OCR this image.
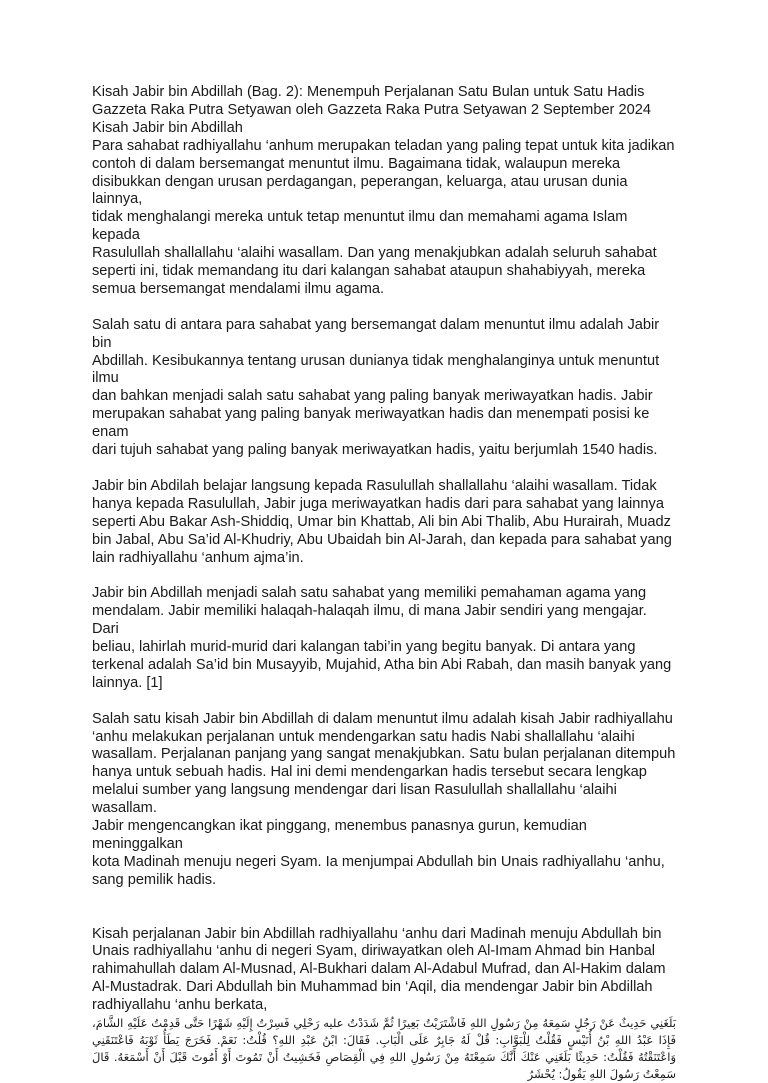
Kisah Jabir bin Abdillah (Bag. 2): Menempuh Perjalanan Satu Bulan untuk Satu Hadis

Gazzeta Raka Putra Setyawan oleh Gazzeta Raka Putra Setyawan 2 September 2024

Kisah Jabir bin Abdillah

Para sahabat radhiyallahu ‘anhum merupakan teladan yang paling tepat untuk kita jadikan
contoh di dalam bersemangat menuntut ilmu. Bagaimana tidak, walaupun mereka
disibukkan dengan urusan perdagangan, peperangan, keluarga, atau urusan dunia lainnya,
tidak menghalangi mereka untuk tetap menuntut ilmu dan memahami agama Islam kepada
Rasulullah shallallahu ‘alaihi wasallam. Dan yang menakjubkan adalah seluruh sahabat
seperti ini, tidak memandang itu dari kalangan sahabat ataupun shahabiyyah, mereka
semua bersemangat mendalami ilmu agama.

Salah satu di antara para sahabat yang bersemangat dalam menuntut ilmu adalah Jabir bin
Abdillah. Kesibukannya tentang urusan dunianya tidak menghalanginya untuk menuntut ilmu
dan bahkan menjadi salah satu sahabat yang paling banyak meriwayatkan hadis. Jabir
merupakan sahabat yang paling banyak meriwayatkan hadis dan menempati posisi ke enam
dari tujuh sahabat yang paling banyak meriwayatkan hadis, yaitu berjumlah 1540 hadis.

Jabir bin Abdilah belajar langsung kepada Rasulullah shallallahu ‘alaihi wasallam. Tidak
hanya kepada Rasulullah, Jabir juga meriwayatkan hadis dari para sahabat yang lainnya
seperti Abu Bakar Ash-Shiddiq, Umar bin Khattab, Ali bin Abi Thalib, Abu Hurairah, Muadz
bin Jabal, Abu Sa’id Al-Khudriy, Abu Ubaidah bin Al-Jarah, dan kepada para sahabat yang
lain radhiyallahu ‘anhum ajma’in.

Jabir bin Abdillah menjadi salah satu sahabat yang memiliki pemahaman agama yang
mendalam. Jabir memiliki halaqah-halaqah ilmu, di mana Jabir sendiri yang mengajar. Dari
beliau, lahirlah murid-murid dari kalangan tabi’in yang begitu banyak. Di antara yang
terkenal adalah Sa’id bin Musayyib, Mujahid, Atha bin Abi Rabah, dan masih banyak yang
lainnya. [1]

Salah satu kisah Jabir bin Abdillah di dalam menuntut ilmu adalah kisah Jabir radhiyallahu
‘anhu melakukan perjalanan untuk mendengarkan satu hadis Nabi shallallahu ‘alaihi
wasallam. Perjalanan panjang yang sangat menakjubkan. Satu bulan perjalanan ditempuh
hanya untuk sebuah hadis. Hal ini demi mendengarkan hadis tersebut secara lengkap
melalui sumber yang langsung mendengar dari lisan Rasulullah shallallahu ‘alaihi wasallam.
Jabir mengencangkan ikat pinggang, menembus panasnya gurun, kemudian meninggalkan
kota Madinah menuju negeri Syam. Ia menjumpai Abdullah bin Unais radhiyallahu ‘anhu,
sang pemilik hadis.

Kisah perjalanan Jabir bin Abdillah radhiyallahu ‘anhu dari Madinah menuju Abdullah bin
Unais radhiyallahu ‘anhu di negeri Syam, diriwayatkan oleh Al-Imam Ahmad bin Hanbal
rahimahullah dalam Al-Musnad, Al-Bukhari dalam Al-Adabul Mufrad, dan Al-Hakim dalam
Al-Mustadrak. Dari Abdullah bin Muhammad bin ‘Aqil, dia mendengar Jabir bin Abdillah
radhiyallahu ‘anhu berkata,

بَلَغَنِي حَدِيثٌ عَنْ رَجُلٍ سَمِعَهُ مِنْ رَسُولِ اللهِ فَاشْتَرَيْتُ بَعِيرًا ثُمَّ شَدَدْتُ عليه رَحْلِي فَسِرْتُ إِلَيْهِ شَهْرًا حَتَّى قَدِمْتُ عَلَيْهِ الشَّامَ، فَإِذَا عَبْدُ اللهِ بْنُ أُنَيْسٍ فَقُلْتُ لِلْبَوَّابِ: قُلْ لَهُ جَابِرٌ عَلَى الْبَابِ. فَقَالَ: ابْنُ عَبْدِ اللهِ؟ قُلْتُ: نَعَمْ. فَخَرَجَ يَطَأُ ثَوْبَهُ فَاعْتَنَقَنِي وَاعْتَنَقْتُهُ فَقُلْتُ: حَدِيثًا بَلَغَنِي عَنْكَ أَنَّكَ سَمِعْتَهُ مِنْ رَسُولِ اللهِ فِي الْقِصَاصِ فَخَشِيتُ أَنْ تَمُوتَ أَوْ أَمُوتَ قَبْلَ أَنْ أَسْمَعَهُ. قَالَ سَمِعْتُ رَسُولَ اللهِ يَقُولُ: يُحْشَرُ
